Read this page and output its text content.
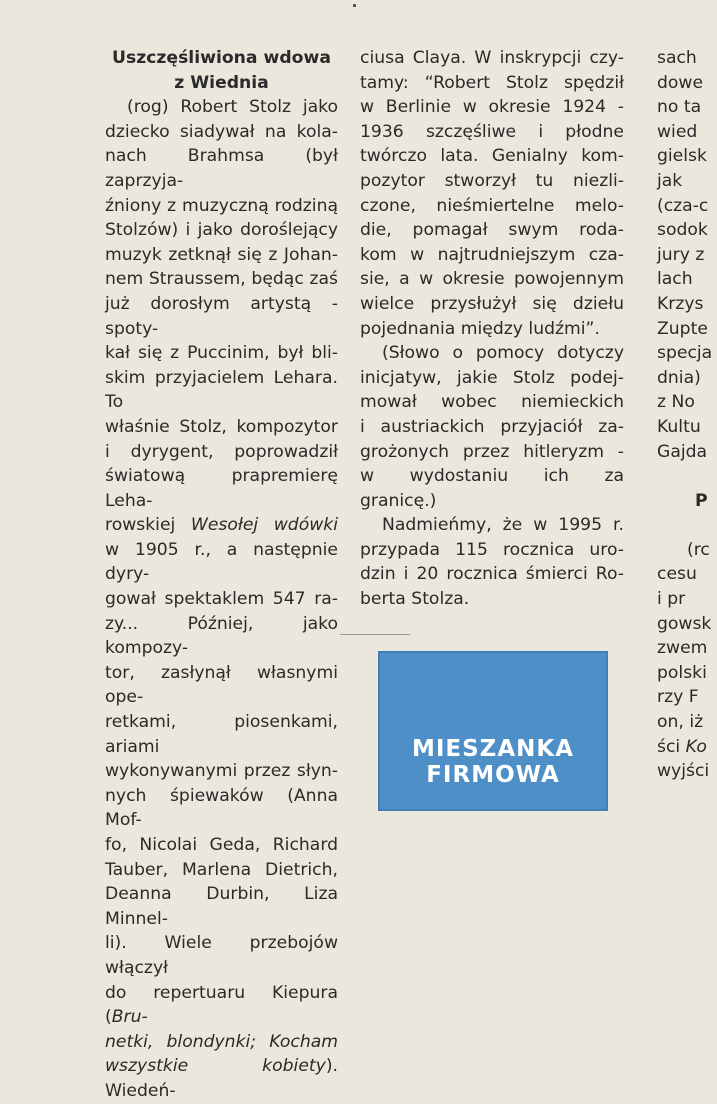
Uszczęśliwiona wdowa
z Wiednia
(rog) Robert Stolz jako
dziecko siadywał na kola-
nach Brahmsa (był zaprzyja-
źniony z muzyczną rodziną
Stolzów) i jako doroślejący
muzyk zetknął się z Johan-
nem Straussem, będąc zaś
już dorosłym artystą - spoty-
kał się z Puccinim, był bli-
skim przyjacielem Lehara. To
właśnie Stolz, kompozytor
i dyrygent, poprowadził
światową prapremierę Leha-
rowskiej Wesołej wdówki
w 1905 r., a następnie dyry-
gował spektaklem 547 ra-
zy... Później, jako kompozy-
tor, zasłynął własnymi ope-
retkami, piosenkami, ariami
wykonywanymi przez słyn-
nych śpiewaków (Anna Mof-
fo, Nicolai Geda, Richard
Tauber, Marlena Dietrich,
Deanna Durbin, Liza Minnel-
li). Wiele przebojów włączył
do repertuaru Kiepura (Bru-
netki, blondynki; Kocham
wszystkie kobiety). Wiedeń-
ciusa Claya. W inskrypcji czy-
tamy: “Robert Stolz spędził
w Berlinie w okresie 1924 -
1936 szczęśliwe i płodne
twórczo lata. Genialny kom-
pozytor stworzył tu niezli-
czone, nieśmiertelne melo-
die, pomagał swym roda-
kom w najtrudniejszym cza-
sie, a w okresie powojennym
wielce przysłużył się dziełu
pojednania między ludźmi”.
(Słowo o pomocy dotyczy
inicjatyw, jakie Stolz podej-
mował wobec niemieckich
i austriackich przyjaciół za-
grożonych przez hitleryzm -
w wydostaniu ich za
granicę.)
Nadmieńmy, że w 1995 r.
przypada 115 rocznica uro-
dzin i 20 rocznica śmierci Ro-
berta Stolza.
MIESZANKA
FIRMOWA
sach
dowe
no ta
wied
gielsk
jak
(cza-c
sodok
jury z
lach
Krzys
Zupte
specja
dnia)
z No
Kultu
Gajda

P

(rc
cesu
i pr
gowsk
zwem
polski
rzy F
on, iż
ści Ko
wyjści
